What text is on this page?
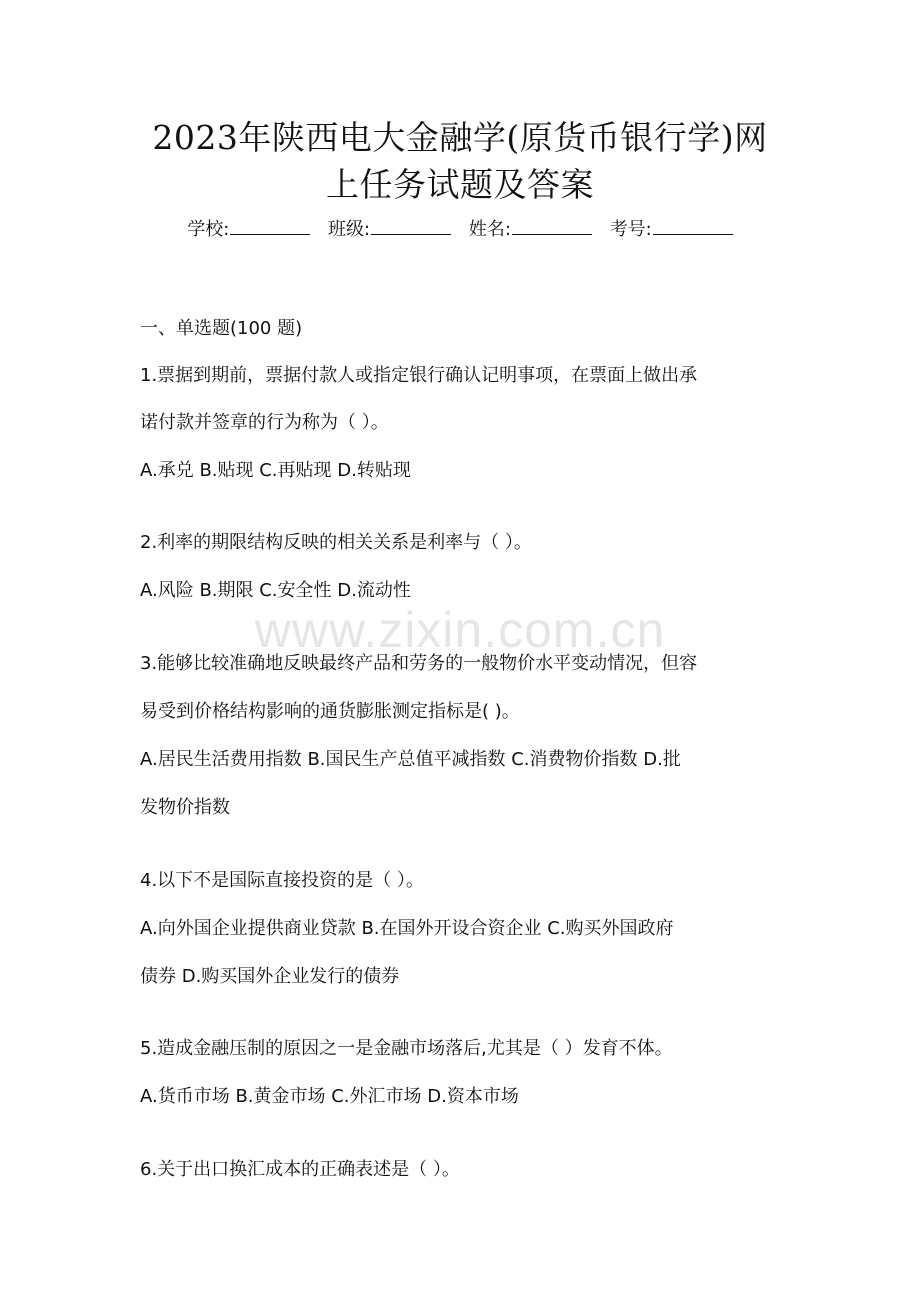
2023年陕西电大金融学(原货币银行学)网
上任务试题及答案
学校:	班级:	姓名:	考号:
一、单选题(100 题)
1.票据到期前，票据付款人或指定银行确认记明事项，在票面上做出承
诺付款并签章的行为称为（ ）。
A.承兑 B.贴现 C.再贴现 D.转贴现
2.利率的期限结构反映的相关关系是利率与（ ）。
A.风险 B.期限 C.安全性 D.流动性
3.能够比较准确地反映最终产品和劳务的一般物价水平变动情况，但容
易受到价格结构影响的通货膨胀测定指标是( )。
A.居民生活费用指数 B.国民生产总值平减指数 C.消费物价指数 D.批
发物价指数
4.以下不是国际直接投资的是（ ）。
A.向外国企业提供商业贷款 B.在国外开设合资企业 C.购买外国政府
债券 D.购买国外企业发行的债券
5.造成金融压制的原因之一是金融市场落后,尤其是（ ）发育不体。
A.货币市场 B.黄金市场 C.外汇市场 D.资本市场
6.关于出口换汇成本的正确表述是（ ）。
www.zixin.com.cn
